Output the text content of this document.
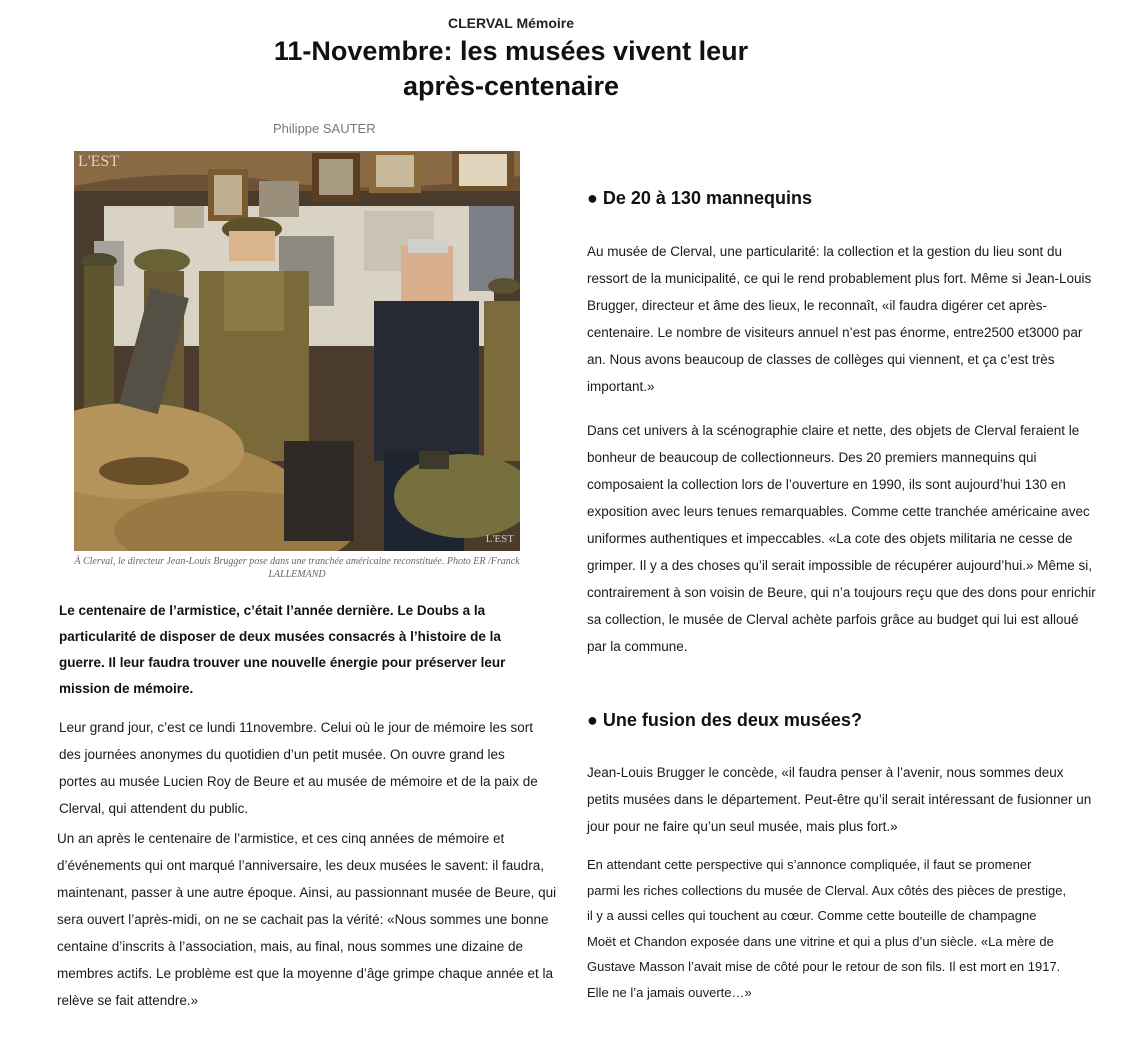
CLERVAL Mémoire
11-Novembre: les musées vivent leur
après-centenaire
Philippe SAUTER
L'EST
L'EST
À Clerval, le directeur Jean-Louis Brugger pose dans une tranchée américaine reconstituée. Photo ER /Franck LALLEMAND

Le centenaire de l’armistice, c’était l’année dernière. Le Doubs a la particularité de disposer de deux musées consacrés à l’histoire de la guerre. Il leur faudra trouver une nouvelle énergie pour préserver leur mission de mémoire.

Leur grand jour, c’est ce lundi 11novembre. Celui où le jour de mémoire les sort des journées anonymes du quotidien d’un petit musée. On ouvre grand les portes au musée Lucien Roy de Beure et au musée de mémoire et de la paix de Clerval, qui attendent du public.

Un an après le centenaire de l’armistice, et ces cinq années de mémoire et d’événements qui ont marqué l’anniversaire, les deux musées le savent: il faudra, maintenant, passer à une autre époque. Ainsi, au passionnant musée de Beure, qui sera ouvert l’après-midi, on ne se cachait pas la vérité: «Nous sommes une bonne centaine d’inscrits à l’association, mais, au final, nous sommes une dizaine de membres actifs. Le problème est que la moyenne d’âge grimpe chaque année et la relève se fait attendre.»

● De 20 à 130 mannequins

Au musée de Clerval, une particularité: la collection et la gestion du lieu sont du ressort de la municipalité, ce qui le rend probablement plus fort. Même si Jean-Louis Brugger, directeur et âme des lieux, le reconnaît, «il faudra digérer cet après-centenaire. Le nombre de visiteurs annuel n’est pas énorme, entre2500 et3000 par an. Nous avons beaucoup de classes de collèges qui viennent, et ça c’est très important.»

Dans cet univers à la scénographie claire et nette, des objets de Clerval feraient le bonheur de beaucoup de collectionneurs. Des 20 premiers mannequins qui composaient la collection lors de l’ouverture en 1990, ils sont aujourd’hui 130 en exposition avec leurs tenues remarquables. Comme cette tranchée américaine avec uniformes authentiques et impeccables. «La cote des objets militaria ne cesse de grimper. Il y a des choses qu’il serait impossible de récupérer aujourd’hui.» Même si, contrairement à son voisin de Beure, qui n’a toujours reçu que des dons pour enrichir sa collection, le musée de Clerval achète parfois grâce au budget qui lui est alloué par la commune.

● Une fusion des deux musées?

Jean-Louis Brugger le concède, «il faudra penser à l’avenir, nous sommes deux petits musées dans le département. Peut-être qu’il serait intéressant de fusionner un jour pour ne faire qu’un seul musée, mais plus fort.»

En attendant cette perspective qui s’annonce compliquée, il faut se promener parmi les riches collections du musée de Clerval. Aux côtés des pièces de prestige, il y a aussi celles qui touchent au cœur. Comme cette bouteille de champagne Moët et Chandon exposée dans une vitrine et qui a plus d’un siècle. «La mère de Gustave Masson l’avait mise de côté pour le retour de son fils. Il est mort en 1917. Elle ne l’a jamais ouverte…»
